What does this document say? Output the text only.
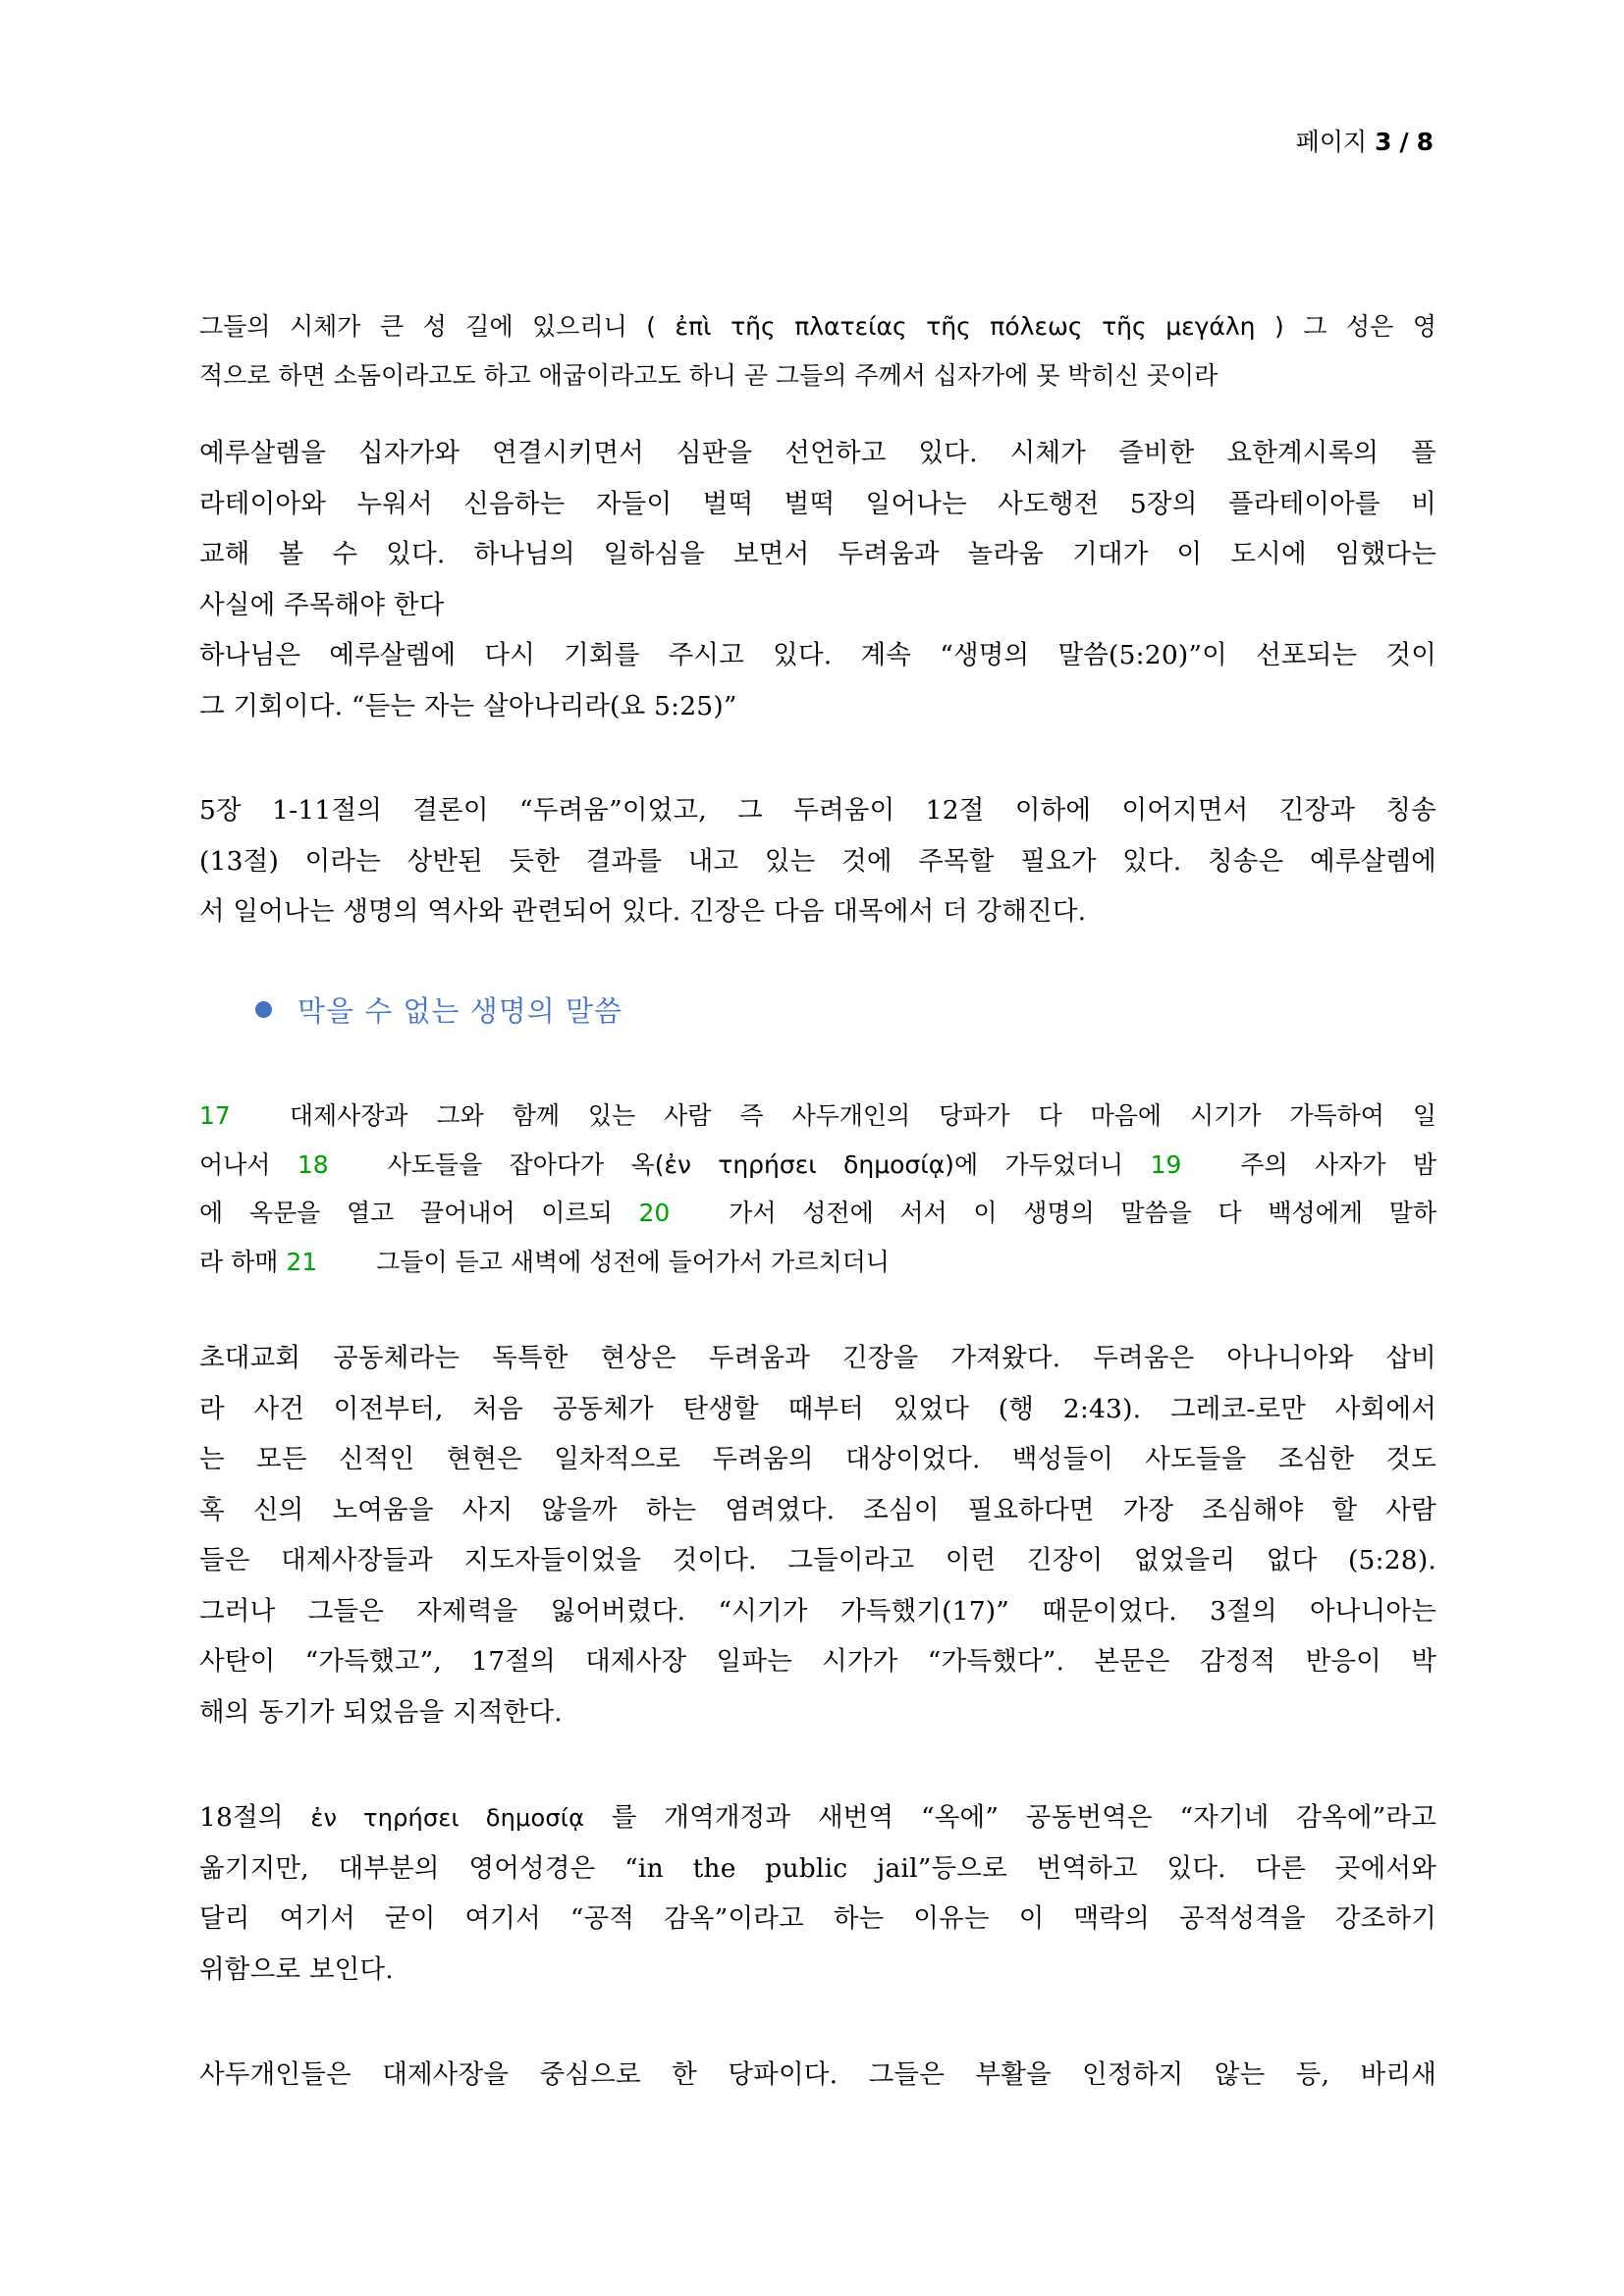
페이지 3 / 8
그들의 시체가 큰 성 길에 있으리니 ( ἐπὶ τῆς πλατείας τῆς πόλεως τῆς μεγάλη ) 그 성은 영
적으로 하면 소돔이라고도 하고 애굽이라고도 하니 곧 그들의 주께서 십자가에 못 박히신 곳이라
예루살렘을 십자가와 연결시키면서 심판을 선언하고 있다. 시체가 즐비한 요한계시록의 플
라테이아와 누워서 신음하는 자들이 벌떡 벌떡 일어나는 사도행전 5장의 플라테이아를 비
교해 볼 수 있다. 하나님의 일하심을 보면서 두려움과 놀라움 기대가 이 도시에 임했다는
사실에 주목해야 한다
하나님은 예루살렘에 다시 기회를 주시고 있다. 계속 “생명의 말씀(5:20)”이 선포되는 것이
그 기회이다. “듣는 자는 살아나리라(요 5:25)”
5장 1-11절의 결론이 “두려움”이었고, 그 두려움이 12절 이하에 이어지면서 긴장과 칭송
(13절) 이라는 상반된 듯한 결과를 내고 있는 것에 주목할 필요가 있다. 칭송은 예루살렘에
서 일어나는 생명의 역사와 관련되어 있다. 긴장은 다음 대목에서 더 강해진다.
막을 수 없는 생명의 말씀
17 대제사장과 그와 함께 있는 사람 즉 사두개인의 당파가 다 마음에 시기가 가득하여 일
어나서 18 사도들을 잡아다가 옥(ἐν τηρήσει δημοσίᾳ)에 가두었더니 19 주의 사자가 밤
에 옥문을 열고 끌어내어 이르되 20 가서 성전에 서서 이 생명의 말씀을 다 백성에게 말하
라 하매 21 그들이 듣고 새벽에 성전에 들어가서 가르치더니
초대교회 공동체라는 독특한 현상은 두려움과 긴장을 가져왔다. 두려움은 아나니아와 삽비
라 사건 이전부터, 처음 공동체가 탄생할 때부터 있었다 (행 2:43). 그레코-로만 사회에서
는 모든 신적인 현현은 일차적으로 두려움의 대상이었다. 백성들이 사도들을 조심한 것도
혹 신의 노여움을 사지 않을까 하는 염려였다. 조심이 필요하다면 가장 조심해야 할 사람
들은 대제사장들과 지도자들이었을 것이다. 그들이라고 이런 긴장이 없었을리 없다 (5:28).
그러나 그들은 자제력을 잃어버렸다. “시기가 가득했기(17)” 때문이었다. 3절의 아나니아는
사탄이 “가득했고”, 17절의 대제사장 일파는 시가가 “가득했다”. 본문은 감정적 반응이 박
해의 동기가 되었음을 지적한다.
18절의 ἐν τηρήσει δημοσίᾳ 를 개역개정과 새번역 “옥에” 공동번역은 “자기네 감옥에”라고
옮기지만, 대부분의 영어성경은 “in the public jail”등으로 번역하고 있다. 다른 곳에서와
달리 여기서 굳이 여기서 “공적 감옥”이라고 하는 이유는 이 맥락의 공적성격을 강조하기
위함으로 보인다.
사두개인들은 대제사장을 중심으로 한 당파이다. 그들은 부활을 인정하지 않는 등, 바리새
